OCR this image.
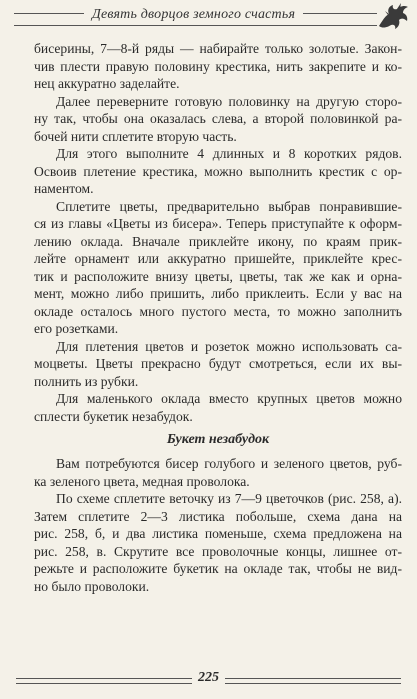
Девять дворцов земного счастья
бисерины, 7—8-й ряды — набирайте только золотые. Закон-
чив плести правую половину крестика, нить закрепите и ко-
нец аккуратно заделайте.
Далее переверните готовую половинку на другую сторо-
ну так, чтобы она оказалась слева, а второй половинкой ра-
бочей нити сплетите вторую часть.
Для этого выполните 4 длинных и 8 коротких рядов.
Освоив плетение крестика, можно выполнить крестик с ор-
наментом.
Сплетите цветы, предварительно выбрав понравившие-
ся из главы «Цветы из бисера». Теперь приступайте к оформ-
лению оклада. Вначале приклейте икону, по краям прик-
лейте орнамент или аккуратно пришейте, приклейте крес-
тик и расположите внизу цветы, цветы, так же как и орна-
мент, можно либо пришить, либо приклеить. Если у вас на
окладе осталось много пустого места, то можно заполнить
его розетками.
Для плетения цветов и розеток можно использовать са-
моцветы. Цветы прекрасно будут смотреться, если их вы-
полнить из рубки.
Для маленького оклада вместо крупных цветов можно
сплести букетик незабудок.
Букет незабудок
Вам потребуются бисер голубого и зеленого цветов, руб-
ка зеленого цвета, медная проволока.
По схеме сплетите веточку из 7—9 цветочков (рис. 258, а).
Затем сплетите 2—3 листика побольше, схема дана на
рис. 258, б, и два листика поменьше, схема предложена на
рис. 258, в. Скрутите все проволочные концы, лишнее от-
режьте и расположите букетик на окладе так, чтобы не вид-
но было проволоки.
225
